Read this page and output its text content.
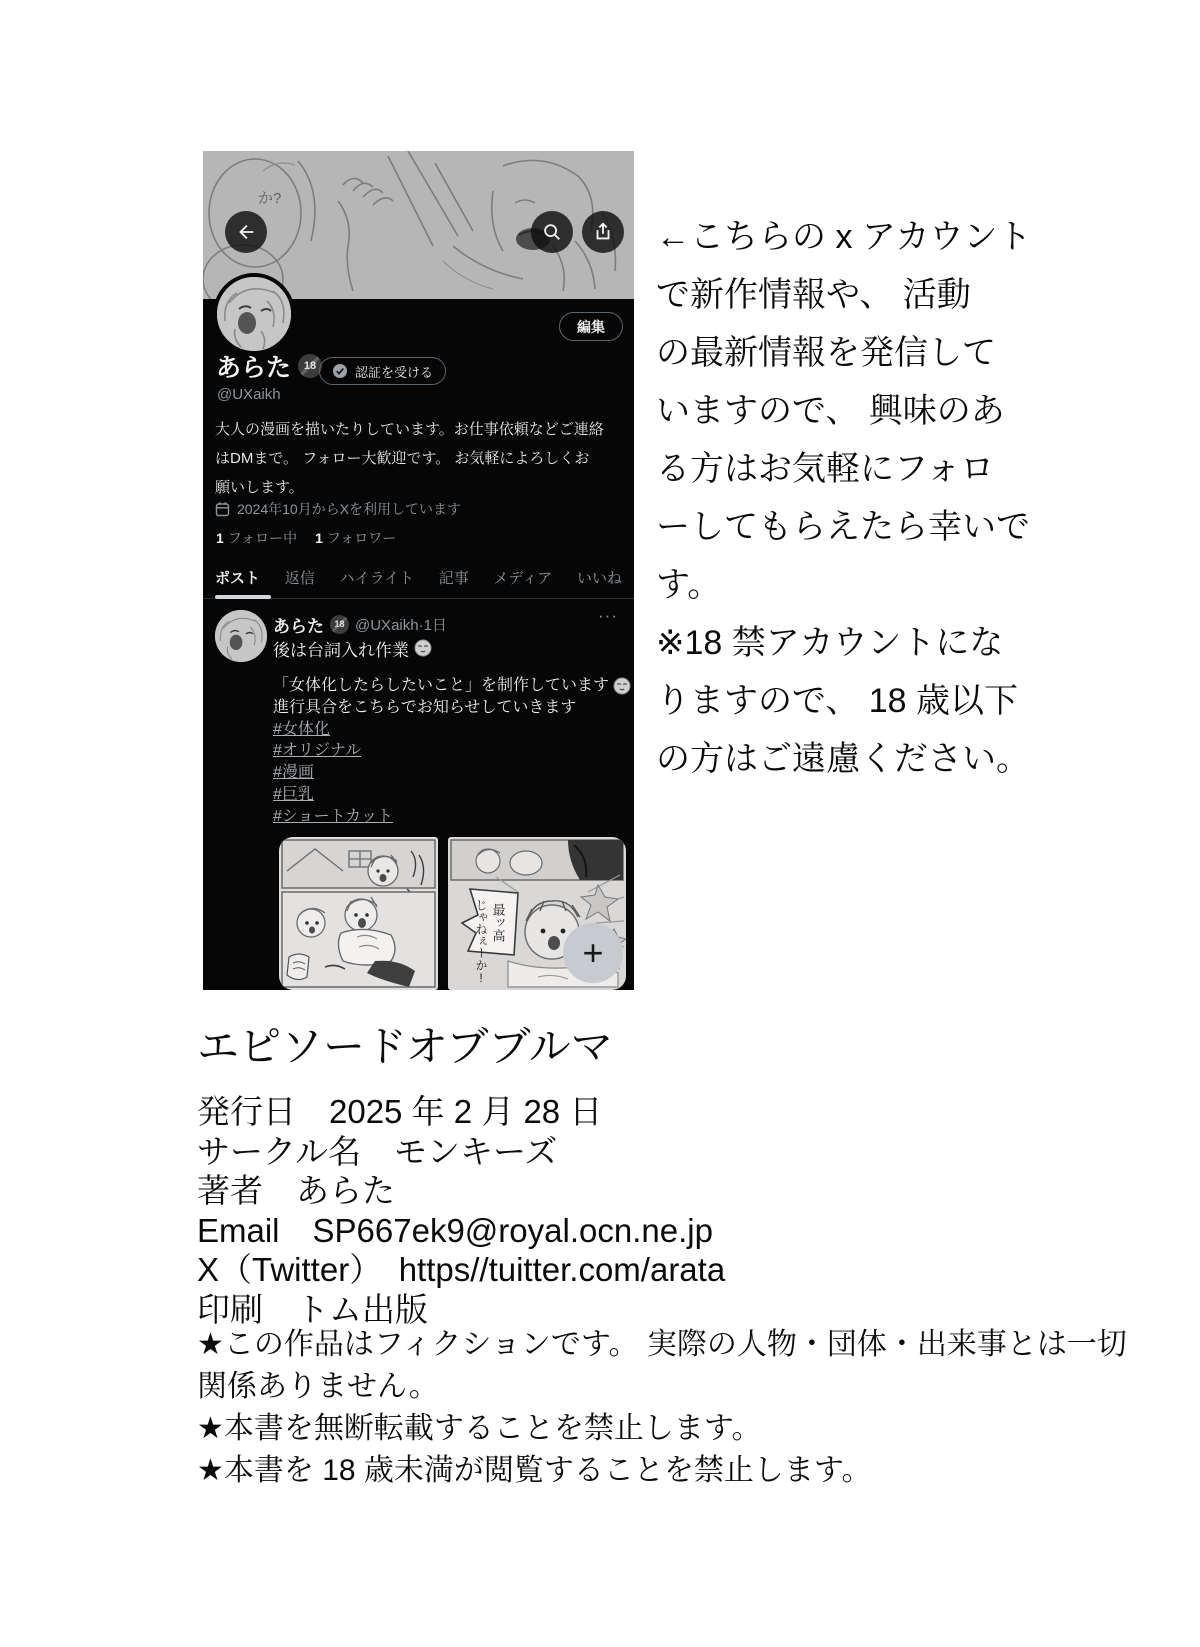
か?
編集
あらた	18	認証を受ける
@UXaikh
大人の漫画を描いたりしています。お仕事依頼などご連絡
はDMまで。 フォロー大歓迎です。 お気軽によろしくお
願いします。
2024年10月からXを利用しています
1 フォロー中 1 フォロワー
ポスト 返信 ハイライト 記事 メディア いいね
あらた	18 @UXaikh·1日	···
後は台詞入れ作業
「女体化したらしたいこと」を制作しています
進行具合をこちらでお知らせしていきます
#女体化
#オリジナル
#漫画
#巨乳
#ショートカット
最ッ高
じゃねぇーか!	+
←こちらの x アカウント
で新作情報や、 活動
の最新情報を発信して
いますので、 興味のあ
る方はお気軽にフォロ
ーしてもらえたら幸いで
す。
※18 禁アカウントにな
りますので、 18 歳以下
の方はご遠慮ください。
エピソードオブブルマ
発行日　2025 年 2 月 28 日
サークル名　モンキーズ
著者　あらた
Email　SP667ek9@royal.ocn.ne.jp
X（Twitter）　https//tuitter.com/arata
印刷　トム出版
★この作品はフィクションです。 実際の人物・団体・出来事とは一切
関係ありません。
★本書を無断転載することを禁止します。
★本書を 18 歳未満が閲覧することを禁止します。
